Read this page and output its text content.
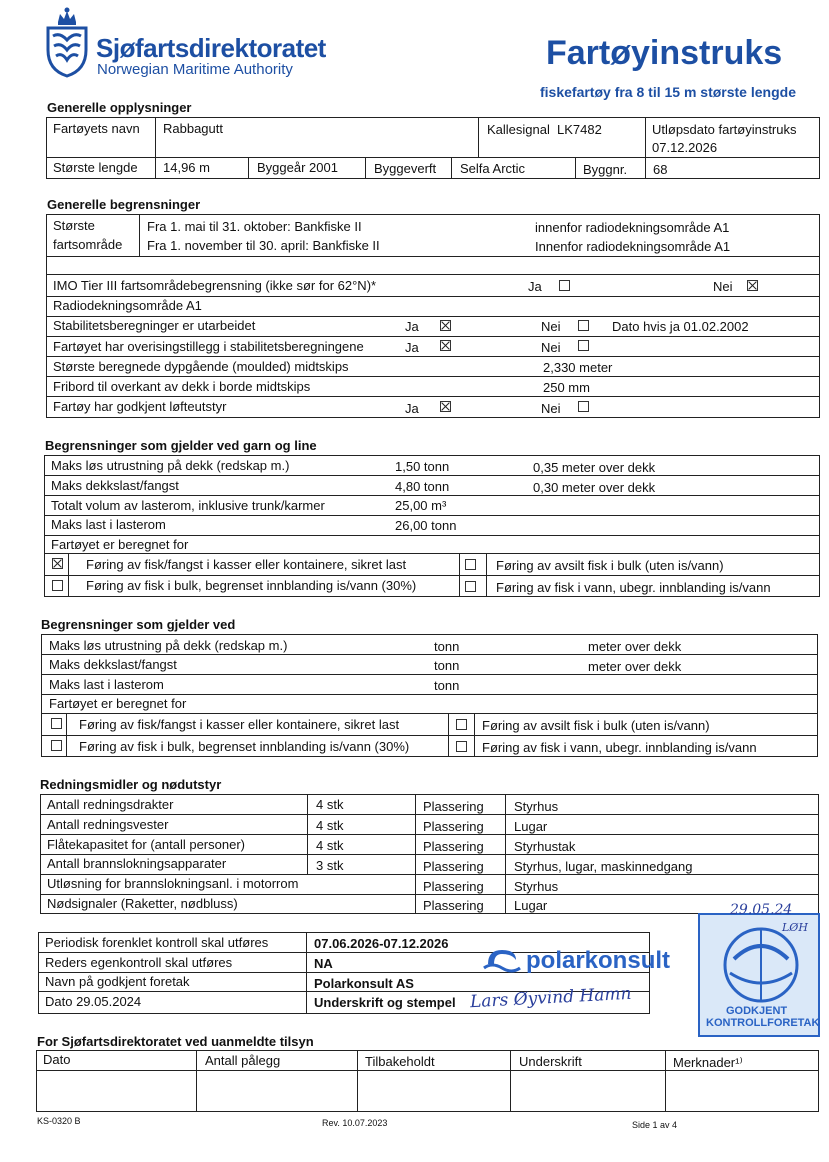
Sjøfartsdirektoratet
Norwegian Maritime Authority	Fartøyinstruks
fiskefartøy fra 8 til 15 m største lengde
Generelle opplysninger
Fartøyets navn Rabbagutt	Kallesignal LK7482	Utløpsdato fartøyinstruks
07.12.2026
Største lengde 14,96 m	Byggeår 2001	Byggeverft Selfa Arctic	Byggnr. 68
Generelle begrensninger
Største
fartsområde
Fra 1. mai til 31. oktober: Bankfiske II	innenfor radiodekningsområde A1
Fra 1. november til 30. april: Bankfiske II	Innenfor radiodekningsområde A1
IMO Tier III fartsområdebegrensning (ikke sør for 62°N)*	Ja	Nei
Radiodekningsområde A1
Stabilitetsberegninger er utarbeidet	Ja	Nei	Dato hvis ja 01.02.2002
Fartøyet har overisingstillegg i stabilitetsberegningene	Ja	Nei
Største beregnede dypgående (moulded) midtskips	2,330 meter
Fribord til overkant av dekk i borde midtskips	250 mm
Fartøy har godkjent løfteutstyr	Ja	Nei
Begrensninger som gjelder ved garn og line
Maks løs utrustning på dekk (redskap m.)	1,50 tonn	0,35 meter over dekk
Maks dekkslast/fangst	4,80 tonn	0,30 meter over dekk
Totalt volum av lasterom, inklusive trunk/karmer	25,00 m³
Maks last i lasterom	26,00 tonn
Fartøyet er beregnet for
Føring av fisk/fangst i kasser eller kontainere, sikret last	Føring av avsilt fisk i bulk (uten is/vann)
Føring av fisk i bulk, begrenset innblanding is/vann (30%)	Føring av fisk i vann, ubegr. innblanding is/vann
Begrensninger som gjelder ved
Maks løs utrustning på dekk (redskap m.)	tonn	meter over dekk
Maks dekkslast/fangst	tonn	meter over dekk
Maks last i lasterom	tonn
Fartøyet er beregnet for
Føring av fisk/fangst i kasser eller kontainere, sikret last	Føring av avsilt fisk i bulk (uten is/vann)
Føring av fisk i bulk, begrenset innblanding is/vann (30%)	Føring av fisk i vann, ubegr. innblanding is/vann
Redningsmidler og nødutstyr
Antall redningsdrakter	4 stk	Plassering Styrhus
Antall redningsvester	4 stk	Plassering Lugar
Flåtekapasitet for (antall personer)	4 stk	Plassering Styrhustak
Antall brannslokningsapparater	3 stk	Plassering Styrhus, lugar, maskinnedgang
Utløsning for brannslokningsanl. i motorrom	Plassering Styrhus
Nødsignaler (Raketter, nødbluss)	Plassering Lugar
Periodisk forenklet kontroll skal utføres	07.06.2026-07.12.2026
Reders egenkontroll skal utføres	NA
Navn på godkjent foretak	Polarkonsult AS
Dato 29.05.2024	Underskrift og stempel
polarkonsult
Lars Øyvind Hamn
29.05.24
LØH
GODKJENT
KONTROLLFORETAK
For Sjøfartsdirektoratet ved uanmeldte tilsyn
Dato	Antall pålegg	Tilbakeholdt	Underskrift	Merknader¹⁾
KS-0320 B	Rev. 10.07.2023	Side 1 av 4
